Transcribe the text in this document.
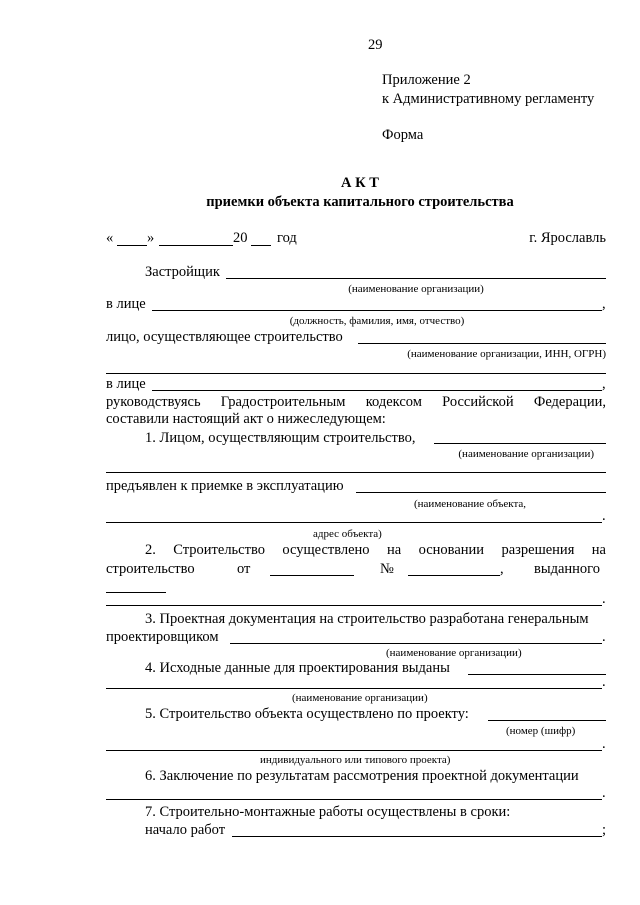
29
Приложение 2
к Административному регламенту
Форма
А К Т
приемки объекта капитального строительства
« »	20 год	г. Ярославль
Застройщик
(наименование организации)
в лице	,
(должность, фамилия, имя, отчество)
лицо, осуществляющее строительство
(наименование организации, ИНН, ОГРН)
в лице	,
руководствуясь Градостроительным кодексом Российской Федерации,
составили настоящий акт о нижеследующем:
1. Лицом, осуществляющим строительство,
(наименование организации)
предъявлен к приемке в эксплуатацию
(наименование объекта,
.
адрес объекта)
2. Строительство осуществлено на основании разрешения на
строительство	от	№	, выданного
.
3. Проектная документация на строительство разработана генеральным
проектировщиком	.
(наименование организации)
4. Исходные данные для проектирования выданы
.
(наименование организации)
5. Строительство объекта осуществлено по проекту:
(номер (шифр)
.
индивидуального или типового проекта)
6. Заключение по результатам рассмотрения проектной документации
.
7. Строительно-монтажные работы осуществлены в сроки:
начало работ	;
